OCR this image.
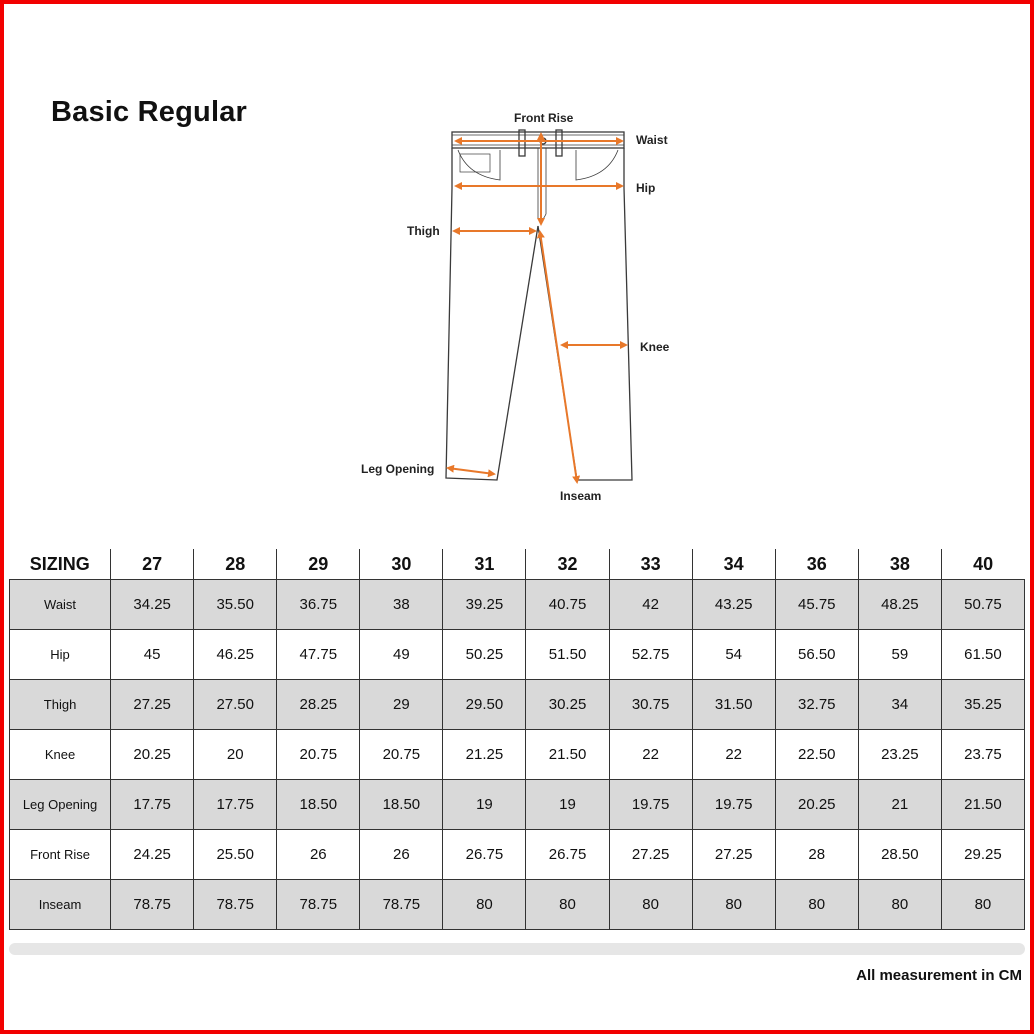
Basic Regular	Front Rise
Waist
Hip
Thigh
Knee
Leg Opening
Inseam
SIZING	27	28	29	30	31	32	33	34	36	38	40
Waist	34.25	35.50	36.75	38	39.25	40.75	42	43.25	45.75	48.25	50.75
Hip	45	46.25	47.75	49	50.25	51.50	52.75	54	56.50	59	61.50
Thigh	27.25	27.50	28.25	29	29.50	30.25	30.75	31.50	32.75	34	35.25
Knee	20.25	20	20.75	20.75	21.25	21.50	22	22	22.50	23.25	23.75
Leg Opening	17.75	17.75	18.50	18.50	19	19	19.75	19.75	20.25	21	21.50
Front Rise	24.25	25.50	26	26	26.75	26.75	27.25	27.25	28	28.50	29.25
Inseam	78.75	78.75	78.75	78.75	80	80	80	80	80	80	80
All measurement in CM
